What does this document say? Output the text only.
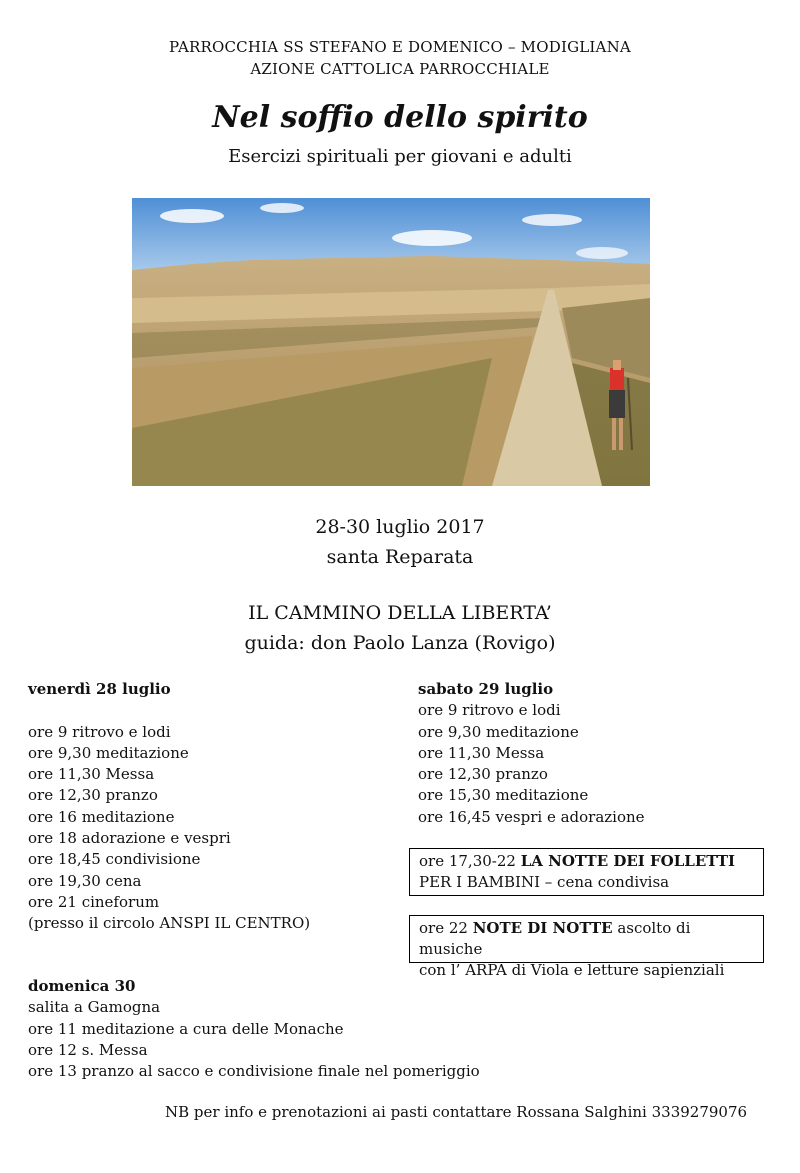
PARROCCHIA SS STEFANO E DOMENICO – MODIGLIANA
AZIONE CATTOLICA PARROCCHIALE
Nel soffio dello spirito
Esercizi spirituali per giovani e adulti
28-30 luglio 2017
santa Reparata
IL CAMMINO DELLA LIBERTA’
guida: don Paolo Lanza (Rovigo)
venerdì 28 luglio
ore 9 ritrovo e lodi
ore 9,30 meditazione
ore 11,30 Messa
ore 12,30 pranzo
ore 16 meditazione
ore 18 adorazione e vespri
ore 18,45 condivisione
ore 19,30 cena
ore 21 cineforum
(presso il circolo ANSPI IL CENTRO)
sabato 29 luglio
ore 9 ritrovo e lodi
ore 9,30 meditazione
ore 11,30 Messa
ore 12,30 pranzo
ore 15,30 meditazione
ore 16,45 vespri e adorazione
ore 17,30-22 LA NOTTE DEI FOLLETTI
PER I BAMBINI – cena condivisa
ore 22 NOTE DI NOTTE ascolto di musiche
con l’ ARPA di Viola e letture sapienziali
domenica 30
salita a Gamogna
ore 11 meditazione a cura delle Monache
ore 12 s. Messa
ore 13 pranzo al sacco e condivisione finale nel pomeriggio
NB per info e prenotazioni ai pasti contattare Rossana Salghini 3339279076
